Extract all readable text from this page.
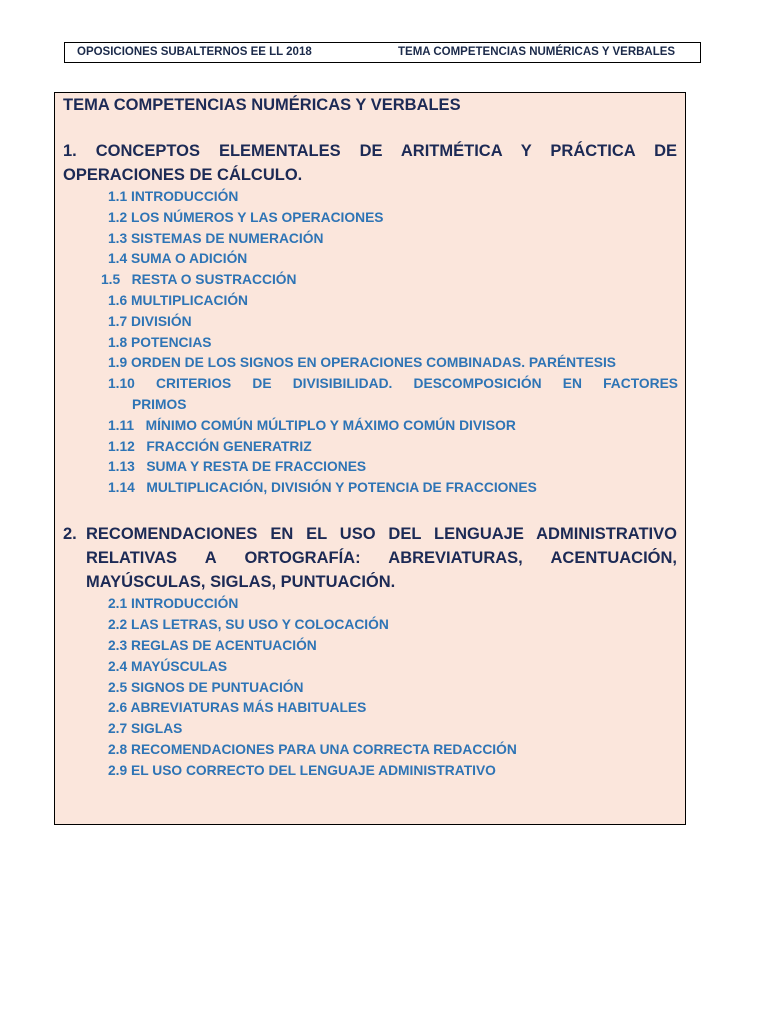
OPOSICIONES SUBALTERNOS EE LL 2018	TEMA COMPETENCIAS NUMÉRICAS Y VERBALES
TEMA COMPETENCIAS NUMÉRICAS Y VERBALES
1. CONCEPTOS ELEMENTALES DE ARITMÉTICA Y PRÁCTICA DE
OPERACIONES DE CÁLCULO.
1.1 INTRODUCCIÓN
1.2 LOS NÚMEROS Y LAS OPERACIONES
1.3 SISTEMAS DE NUMERACIÓN
1.4 SUMA O ADICIÓN
1.5   RESTA O SUSTRACCIÓN
1.6 MULTIPLICACIÓN
1.7 DIVISIÓN
1.8 POTENCIAS
1.9 ORDEN DE LOS SIGNOS EN OPERACIONES COMBINADAS. PARÉNTESIS
1.10 CRITERIOS DE DIVISIBILIDAD. DESCOMPOSICIÓN EN FACTORES
PRIMOS
1.11   MÍNIMO COMÚN MÚLTIPLO Y MÁXIMO COMÚN DIVISOR
1.12   FRACCIÓN GENERATRIZ
1.13   SUMA Y RESTA DE FRACCIONES
1.14   MULTIPLICACIÓN, DIVISIÓN Y POTENCIA DE FRACCIONES
2. RECOMENDACIONES EN EL USO DEL LENGUAJE ADMINISTRATIVO
RELATIVAS A ORTOGRAFÍA: ABREVIATURAS, ACENTUACIÓN,
MAYÚSCULAS, SIGLAS, PUNTUACIÓN.
2.1 INTRODUCCIÓN
2.2 LAS LETRAS, SU USO Y COLOCACIÓN
2.3 REGLAS DE ACENTUACIÓN
2.4 MAYÚSCULAS
2.5 SIGNOS DE PUNTUACIÓN
2.6 ABREVIATURAS MÁS HABITUALES
2.7 SIGLAS
2.8 RECOMENDACIONES PARA UNA CORRECTA REDACCIÓN
2.9 EL USO CORRECTO DEL LENGUAJE ADMINISTRATIVO
